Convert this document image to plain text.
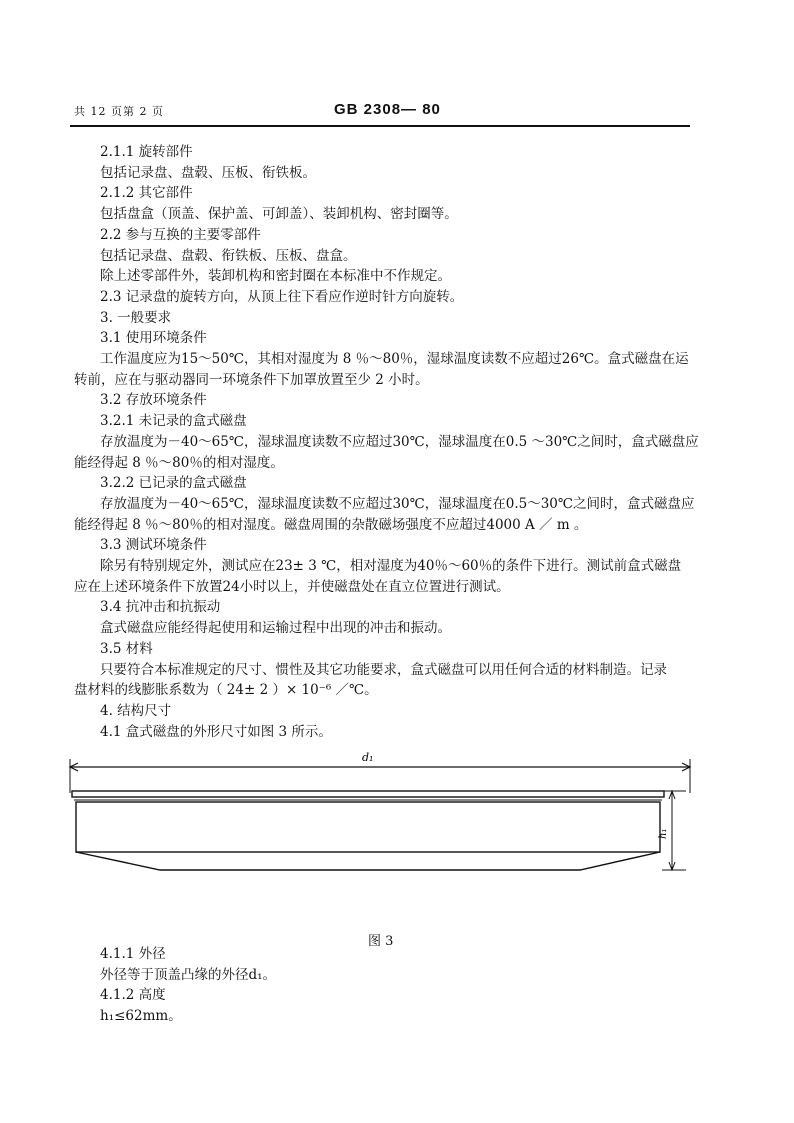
共 12 页第 2 页	GB 2308— 80
2.1.1 旋转部件
包括记录盘、盘毂、压板、衔铁板。
2.1.2 其它部件
包括盘盒（顶盖、保护盖、可卸盖）、装卸机构、密封圈等。
2.2 参与互换的主要零部件
包括记录盘、盘毂、衔铁板、压板、盘盒。
除上述零部件外，装卸机构和密封圈在本标准中不作规定。
2.3 记录盘的旋转方向，从顶上往下看应作逆时针方向旋转。
3. 一般要求
3.1 使用环境条件
工作温度应为15～50℃，其相对湿度为 8 ％～80％，湿球温度读数不应超过26℃。盒式磁盘在运
转前，应在与驱动器同一环境条件下加罩放置至少 2 小时。
3.2 存放环境条件
3.2.1 未记录的盒式磁盘
存放温度为－40～65℃，湿球温度读数不应超过30℃，湿球温度在0.5 ～30℃之间时，盒式磁盘应
能经得起 8 ％～80％的相对湿度。
3.2.2 已记录的盒式磁盘
存放温度为－40～65℃，湿球温度读数不应超过30℃，湿球温度在0.5～30℃之间时，盒式磁盘应
能经得起 8 ％～80％的相对湿度。磁盘周围的杂散磁场强度不应超过4000 A ／ m 。
3.3 测试环境条件
除另有特别规定外，测试应在23± 3 ℃，相对湿度为40％～60％的条件下进行。测试前盒式磁盘
应在上述环境条件下放置24小时以上，并使磁盘处在直立位置进行测试。
3.4 抗冲击和抗振动
盒式磁盘应能经得起使用和运输过程中出现的冲击和振动。
3.5 材料
只要符合本标准规定的尺寸、惯性及其它功能要求，盒式磁盘可以用任何合适的材料制造。记录
盘材料的线膨胀系数为（ 24± 2 ）× 10⁻⁶ ／℃。
4. 结构尺寸
4.1 盒式磁盘的外形尺寸如图 3 所示。
d₁
h₁
图 3
4.1.1 外径
外径等于顶盖凸缘的外径d₁。
4.1.2 高度
h₁≤62mm。
